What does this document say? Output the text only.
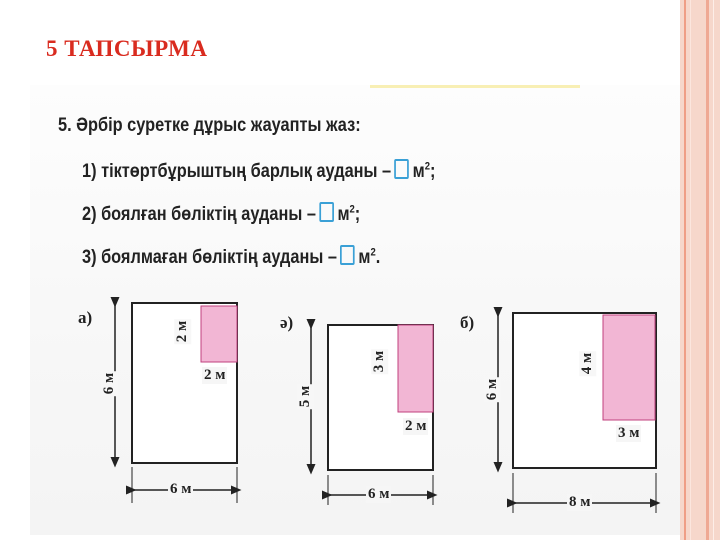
5 ТАПСЫРМА

5. Әрбір суретке дұрыс жауапты жаз:
1) тіктөртбұрыштың барлық ауданы – $м^2$;
2) боялған бөліктің ауданы – $м^2$;
3) боялмаған бөліктің ауданы – $м^2$.
а)	ә)	б)
6 м
2 м
2 м
6 м
5 м
3 м
2 м
6 м
6 м
4 м
3 м
8 м
